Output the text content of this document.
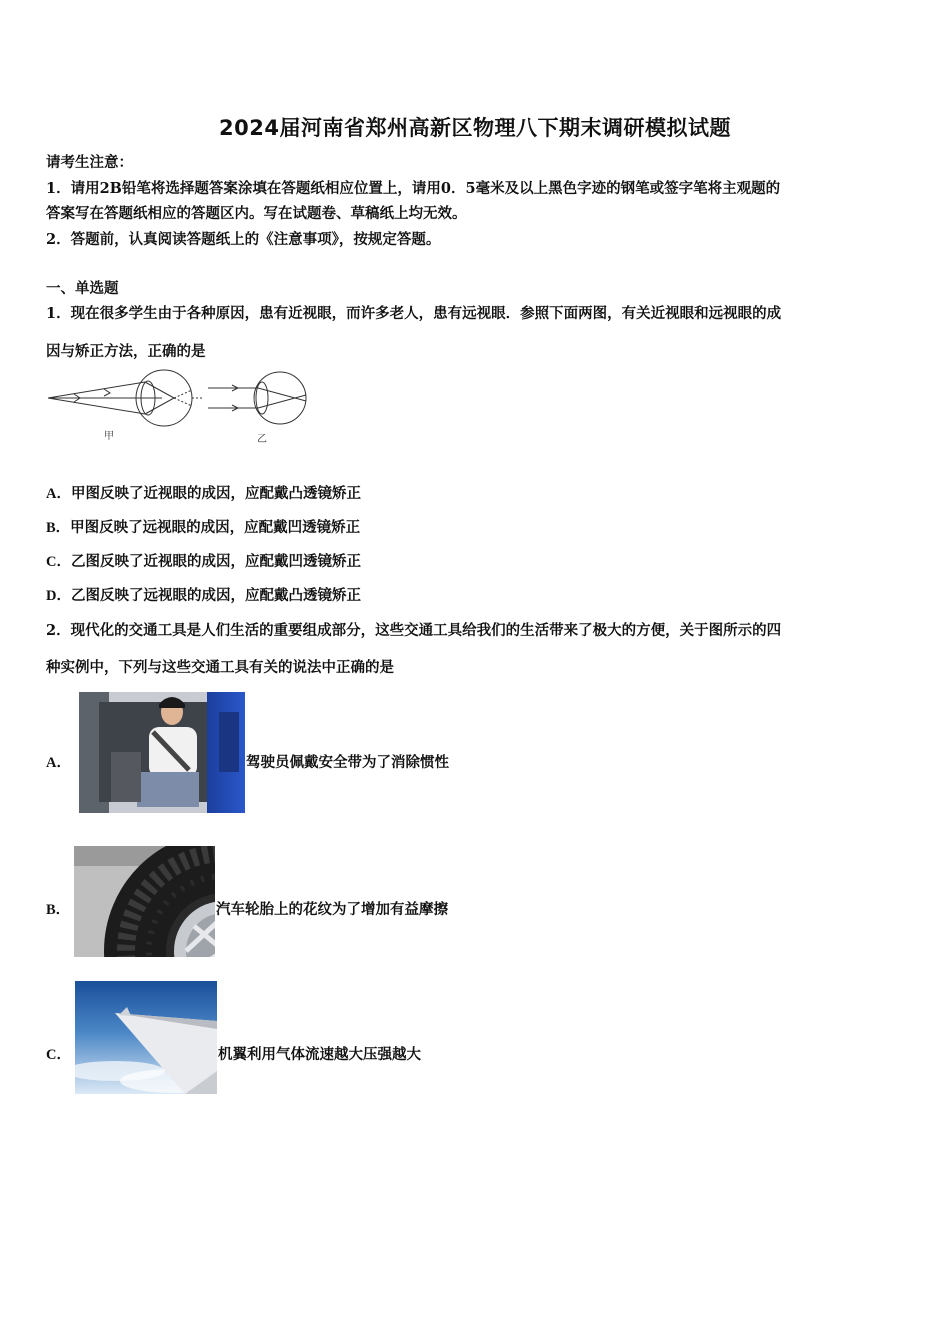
2024届河南省郑州高新区物理八下期末调研模拟试题
请考生注意：
1．请用2B铅笔将选择题答案涂填在答题纸相应位置上，请用0．5毫米及以上黑色字迹的钢笔或签字笔将主观题的
答案写在答题纸相应的答题区内。写在试题卷、草稿纸上均无效。
2．答题前，认真阅读答题纸上的《注意事项》，按规定答题。
一、单选题
1．现在很多学生由于各种原因，患有近视眼，而许多老人，患有远视眼．参照下面两图，有关近视眼和远视眼的成
因与矫正方法，正确的是
甲	乙
A．甲图反映了近视眼的成因，应配戴凸透镜矫正
B．甲图反映了远视眼的成因，应配戴凹透镜矫正
C．乙图反映了近视眼的成因，应配戴凹透镜矫正
D．乙图反映了远视眼的成因，应配戴凸透镜矫正
2．现代化的交通工具是人们生活的重要组成部分，这些交通工具给我们的生活带来了极大的方便，关于图所示的四
种实例中，下列与这些交通工具有关的说法中正确的是
A．	驾驶员佩戴安全带为了消除惯性
B．	汽车轮胎上的花纹为了增加有益摩擦
C．	机翼利用气体流速越大压强越大
